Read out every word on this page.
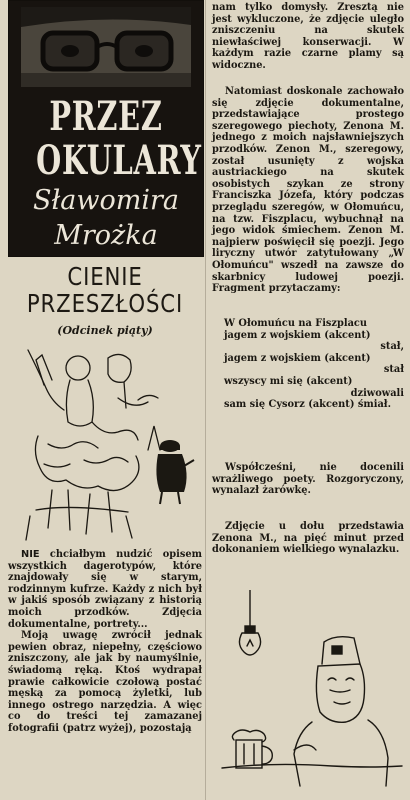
PRZEZ
OKULARY
Sławomira
Mrożka
CIENIE
PRZESZŁOŚCI
(Odcinek piąty)

NIE chciałbym nudzić opisem wszystkich dagerotypów, które znajdowały się w starym, rodzinnym kufrze. Każdy z nich był w jakiś sposób związany z historią moich przodków. Zdjęcia dokumentalne, portrety...

Moją uwagę zwrócił jednak pewien obraz, niepełny, częściowo zniszczony, ale jak by naumyślnie, świadomą ręką. Ktoś wydrapał prawie całkowicie czołową postać męską za pomocą żyletki, lub innego ostrego narzędzia. A więc co do treści tej zamazanej fotografii (patrz wyżej), pozostają

nam tylko domysły. Zresztą nie jest wykluczone, że zdjęcie uległo zniszczeniu na skutek niewłaściwej konserwacji. W każdym razie czarne plamy są widoczne.

Natomiast doskonale zachowało się zdjęcie dokumentalne, przedstawiające prostego szeregowego piechoty, Zenona M. jednego z moich najsławniejszych przodków. Zenon M., szeregowy, został usunięty z wojska austriackiego na skutek osobistych szykan ze strony Franciszka Józefa, który podczas przeglądu szeregów, w Ołomuńcu, na tzw. Fiszplacu, wybuchnął na jego widok śmiechem. Zenon M. najpierw poświęcił się poezji. Jego liryczny utwór zatytułowany „W Ołomuńcu" wszedł na zawsze do skarbnicy ludowej poezji. Fragment przytaczamy:

W Ołomuńcu na Fiszplacu
jagem z wojskiem (akcent)
stał,
jagem z wojskiem (akcent)
stał
wszyscy mi się (akcent)
dziwowali
sam się Cysorz (akcent) śmiał.

Współcześni, nie docenili wrażliwego poety. Rozgoryczony, wynalazł żarówkę.

Zdjęcie u dołu przedstawia Zenona M., na pięć minut przed dokonaniem wielkiego wynalazku.
